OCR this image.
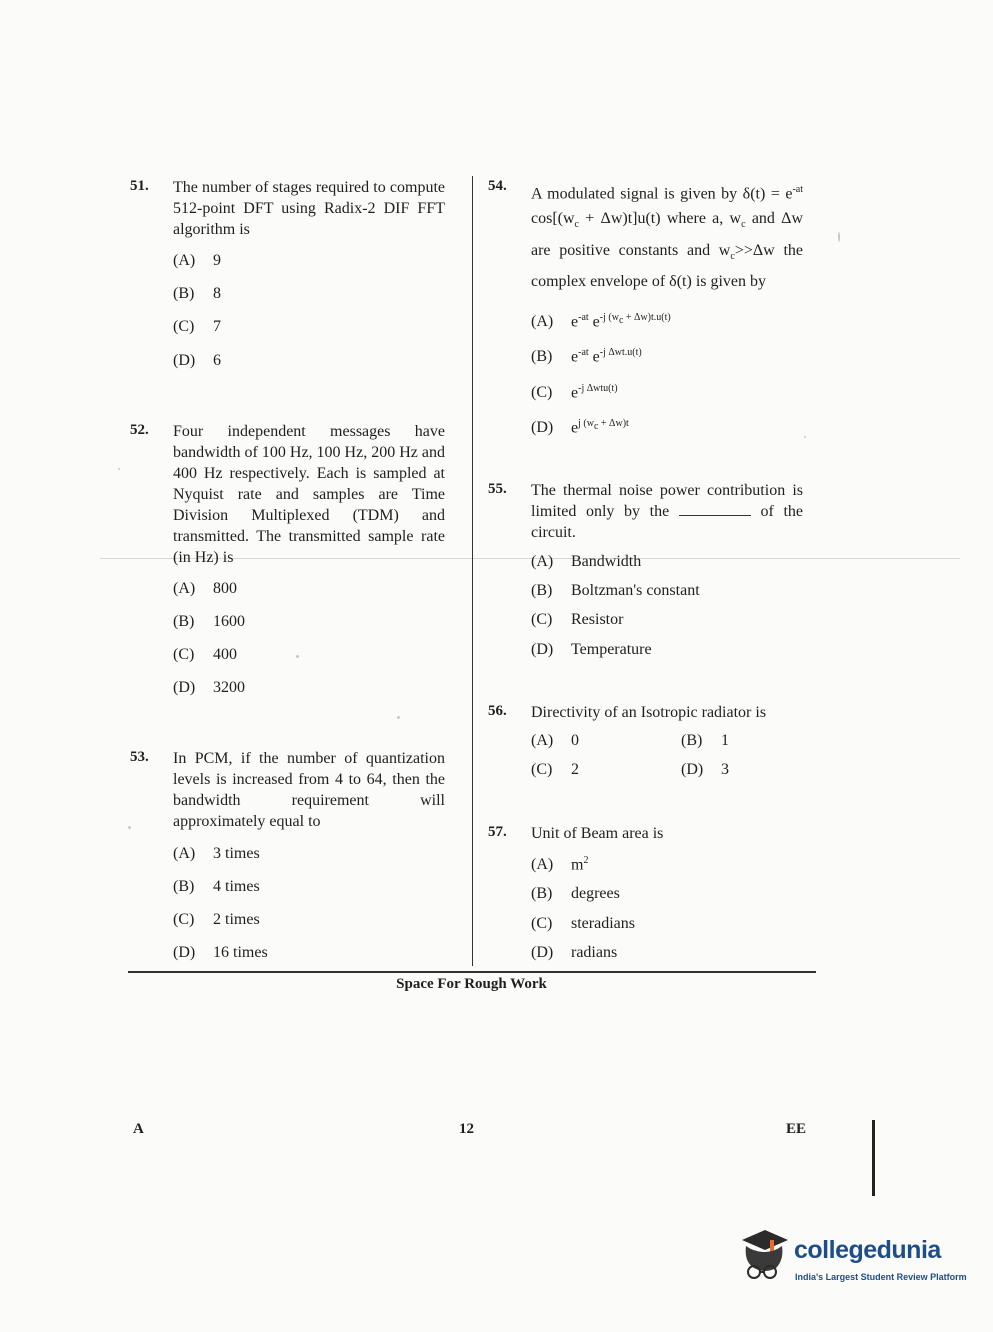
51. The number of stages required to compute 512-point DFT using Radix-2 DIF FFT algorithm is
(A) 9
(B) 8
(C) 7
(D) 6
52. Four independent messages have bandwidth of 100 Hz, 100 Hz, 200 Hz and 400 Hz respectively. Each is sampled at Nyquist rate and samples are Time Division Multiplexed (TDM) and transmitted. The transmitted sample rate (in Hz) is
(A) 800
(B) 1600
(C) 400
(D) 3200
53. In PCM, if the number of quantization levels is increased from 4 to 64, then the bandwidth requirement will approximately equal to
(A) 3 times
(B) 4 times
(C) 2 times
(D) 16 times
54. A modulated signal is given by $\delta(t) = e^{-at}$ $\cos[(w_c + \Delta w)t]u(t)$ where a, $w_c$ and Δw are positive constants and $w_c>>\Delta w$ the complex envelope of δ(t) is given by
(A) $e^{-at}$ $e^{-j (w_c + \Delta w)t.u(t)}$
(B) $e^{-at}$ $e^{-j \Delta wt.u(t)}$
(C) $e^{-j \Delta wtu(t)}$
(D) $e^{j (w_c + \Delta w)t}$
55. The thermal noise power contribution is limited only by the	of the circuit.
(A) Bandwidth
(B) Boltzman's constant
(C) Resistor
(D) Temperature
56. Directivity of an Isotropic radiator is
(A) 0	(B) 1
(C) 2	(D) 3
57. Unit of Beam area is
(A) $m^2$
(B) degrees
(C) steradians
(D) radians
Space For Rough Work
A	12	EE
collegedunia
India's Largest Student Review Platform
